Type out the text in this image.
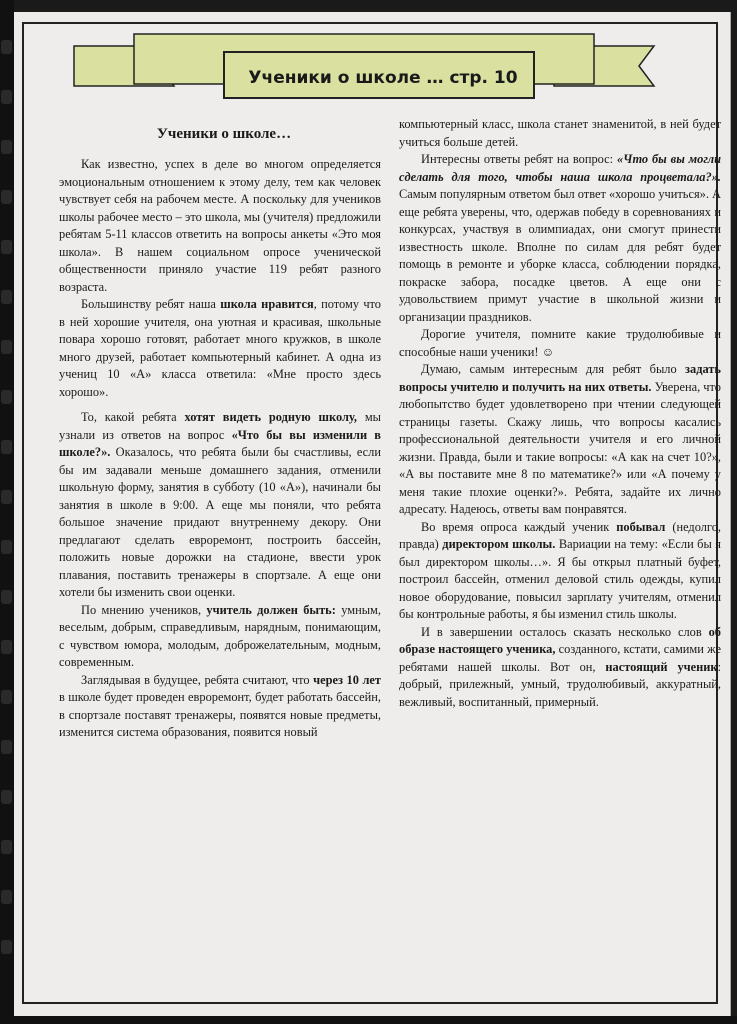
Ученики о школе … стр. 10
Ученики о школе…

Как известно, успех в деле во многом определяется эмоциональным отношением к этому делу, тем как человек чувствует себя на рабочем месте. А поскольку для учеников школы рабочее место – это школа, мы (учителя) предложили ребятам 5-11 классов ответить на вопросы анкеты «Это моя школа». В нашем социальном опросе ученической общественности приняло участие 119 ребят разного возраста.

Большинству ребят наша школа нравится, потому что в ней хорошие учителя, она уютная и красивая, школьные повара хорошо готовят, работает много кружков, в школе много друзей, работает компьютерный кабинет. А одна из учениц 10 «А» класса ответила: «Мне просто здесь хорошо».

То, какой ребята хотят видеть родную школу, мы узнали из ответов на вопрос «Что бы вы изменили в школе?». Оказалось, что ребята были бы счастливы, если бы им задавали меньше домашнего задания, отменили школьную форму, занятия в субботу (10 «А»), начинали бы занятия в школе в 9:00. А еще мы поняли, что ребята большое значение придают внутреннему декору. Они предлагают сделать евроремонт, построить бассейн, положить новые дорожки на стадионе, ввести урок плавания, поставить тренажеры в спортзале. А еще они хотели бы изменить свои оценки.

По мнению учеников, учитель должен быть: умным, веселым, добрым, справедливым, нарядным, понимающим, с чувством юмора, молодым, доброжелательным, модным, современным.

Заглядывая в будущее, ребята считают, что через 10 лет в школе будет проведен евроремонт, будет работать бассейн, в спортзале поставят тренажеры, появятся новые предметы, изменится система образования, появится новый

компьютерный класс, школа станет знаменитой, в ней будет учиться больше детей.

Интересны ответы ребят на вопрос: «Что бы вы могли сделать для того, чтобы наша школа процветала?». Самым популярным ответом был ответ «хорошо учиться». А еще ребята уверены, что, одержав победу в соревнованиях и конкурсах, участвуя в олимпиадах, они смогут принести известность школе. Вполне по силам для ребят будет помощь в ремонте и уборке класса, соблюдении порядка, покраске забора, посадке цветов. А еще они с удовольствием примут участие в школьной жизни и организации праздников.

Дорогие учителя, помните какие трудолюбивые и способные наши ученики! ☺

Думаю, самым интересным для ребят было задать вопросы учителю и получить на них ответы. Уверена, что любопытство будет удовлетворено при чтении следующей страницы газеты. Скажу лишь, что вопросы касались профессиональной деятельности учителя и его личной жизни. Правда, были и такие вопросы: «А как на счет 10?», «А вы поставите мне 8 по математике?» или «А почему у меня такие плохие оценки?». Ребята, задайте их лично адресату. Надеюсь, ответы вам понравятся.

Во время опроса каждый ученик побывал (недолго, правда) директором школы. Вариации на тему: «Если бы я был директором школы…». Я бы открыл платный буфет, построил бассейн, отменил деловой стиль одежды, купил новое оборудование, повысил зарплату учителям, отменил бы контрольные работы, я бы изменил стиль школы.

И в завершении осталось сказать несколько слов об образе настоящего ученика, созданного, кстати, самими же ребятами нашей школы. Вот он, настоящий ученик: добрый, прилежный, умный, трудолюбивый, аккуратный, вежливый, воспитанный, примерный.
